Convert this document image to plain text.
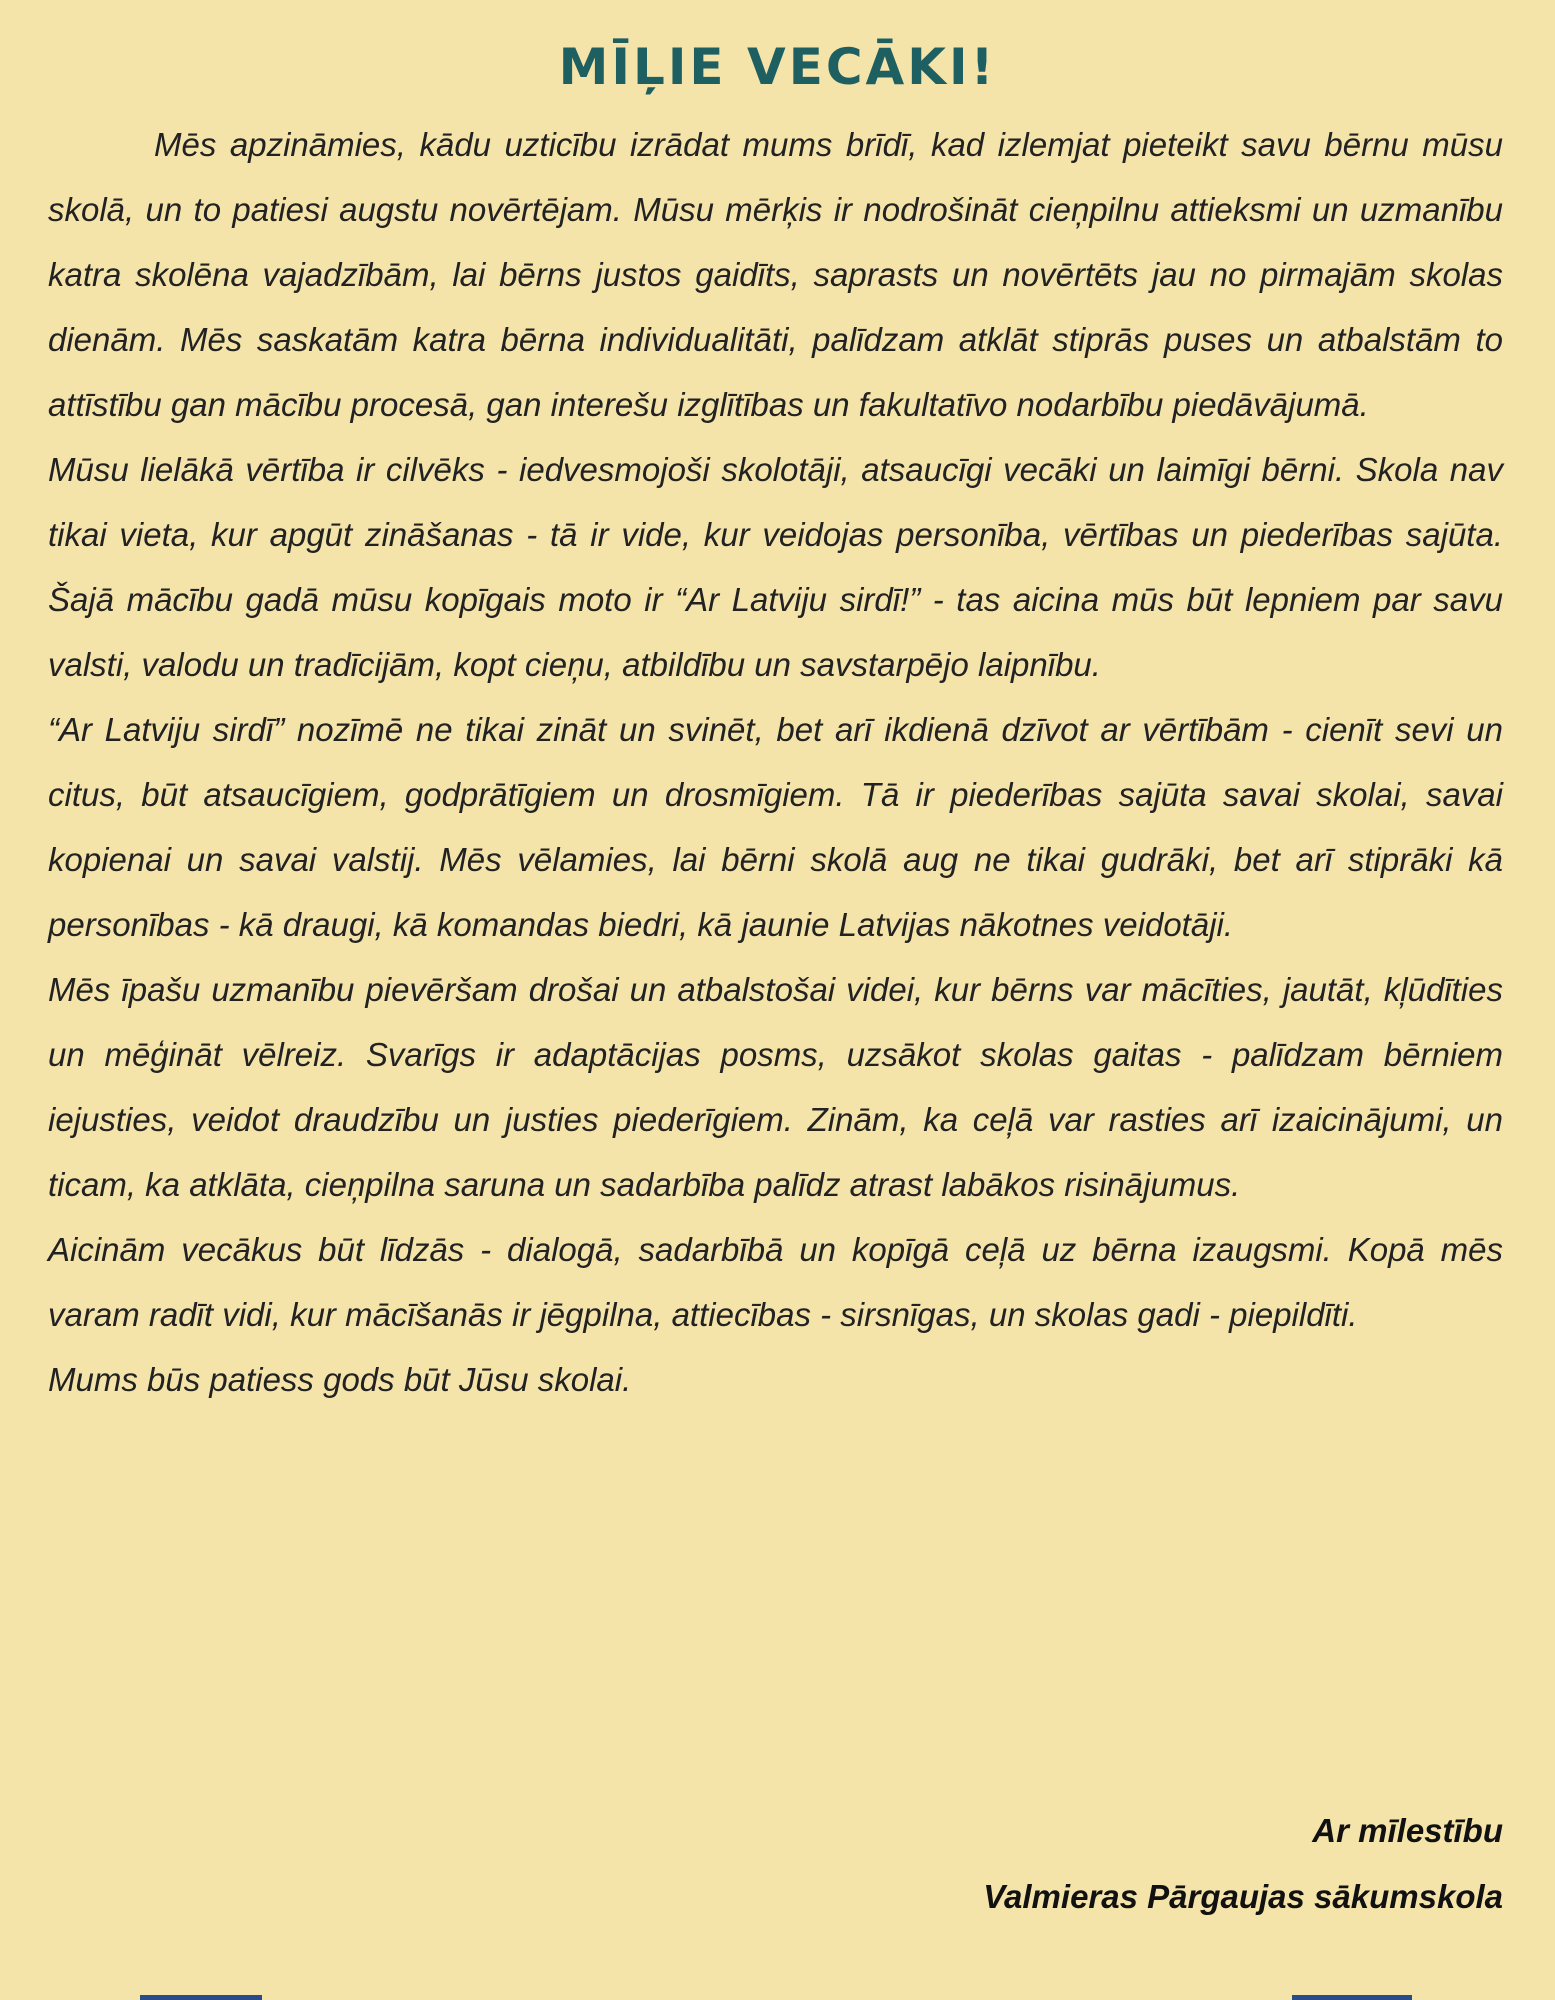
MĪĻIE VECĀKI!

Mēs apzināmies, kādu uzticību izrādat mums brīdī, kad izlemjat pieteikt savu bērnu mūsu skolā, un to patiesi augstu novērtējam. Mūsu mērķis ir nodrošināt cieņpilnu attieksmi un uzmanību katra skolēna vajadzībām, lai bērns justos gaidīts, saprasts un novērtēts jau no pirmajām skolas dienām. Mēs saskatām katra bērna individualitāti, palīdzam atklāt stiprās puses un atbalstām to attīstību gan mācību procesā, gan interešu izglītības un fakultatīvo nodarbību piedāvājumā.

Mūsu lielākā vērtība ir cilvēks - iedvesmojoši skolotāji, atsaucīgi vecāki un laimīgi bērni. Skola nav tikai vieta, kur apgūt zināšanas - tā ir vide, kur veidojas personība, vērtības un piederības sajūta. Šajā mācību gadā mūsu kopīgais moto ir “Ar Latviju sirdī!” - tas aicina mūs būt lepniem par savu valsti, valodu un tradīcijām, kopt cieņu, atbildību un savstarpējo laipnību.

“Ar Latviju sirdī” nozīmē ne tikai zināt un svinēt, bet arī ikdienā dzīvot ar vērtībām - cienīt sevi un citus, būt atsaucīgiem, godprātīgiem un drosmīgiem. Tā ir piederības sajūta savai skolai, savai kopienai un savai valstij. Mēs vēlamies, lai bērni skolā aug ne tikai gudrāki, bet arī stiprāki kā personības - kā draugi, kā komandas biedri, kā jaunie Latvijas nākotnes veidotāji.

Mēs īpašu uzmanību pievēršam drošai un atbalstošai videi, kur bērns var mācīties, jautāt, kļūdīties un mēģināt vēlreiz. Svarīgs ir adaptācijas posms, uzsākot skolas gaitas - palīdzam bērniem iejusties, veidot draudzību un justies piederīgiem. Zinām, ka ceļā var rasties arī izaicinājumi, un ticam, ka atklāta, cieņpilna saruna un sadarbība palīdz atrast labākos risinājumus.

Aicinām vecākus būt līdzās - dialogā, sadarbībā un kopīgā ceļā uz bērna izaugsmi. Kopā mēs varam radīt vidi, kur mācīšanās ir jēgpilna, attiecības - sirsnīgas, un skolas gadi - piepildīti.

Mums būs patiess gods būt Jūsu skolai.

Ar mīlestību
Valmieras Pārgaujas sākumskola
